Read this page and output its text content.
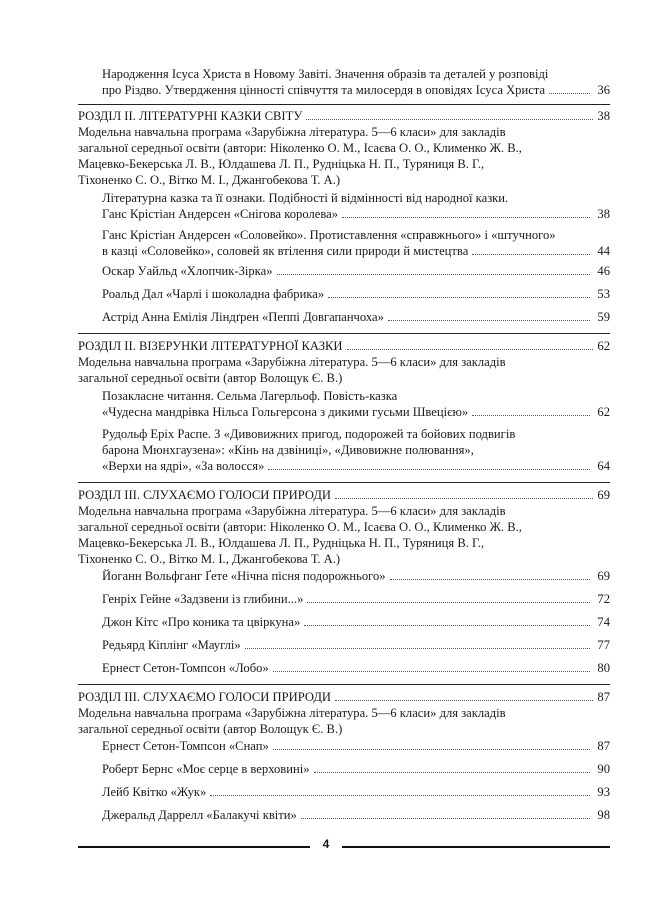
Народження Ісуса Христа в Новому Завіті. Значення образів та деталей у розповіді
про Різдво. Утвердження цінності співчуття та милосердя в оповідях Ісуса Христа	36
РОЗДІЛ ІІ. ЛІТЕРАТУРНІ КАЗКИ СВІТУ	38
Модельна навчальна програма «Зарубіжна література. 5—6 класи» для закладів
загальної середньої освіти (автори: Ніколенко О. М., Ісаєва О. О., Клименко Ж. В.,
Мацевко-Бекерська Л. В., Юлдашева Л. П., Рудніцька Н. П., Туряниця В. Г.,
Тіхоненко С. О., Вітко М. І., Джангобекова Т. А.)
Літературна казка та її ознаки. Подібності й відмінності від народної казки.
Ганс Крістіан Андерсен «Снігова королева»	38
Ганс Крістіан Андерсен «Соловейко». Протиставлення «справжнього» і «штучного»
в казці «Соловейко», соловей як втілення сили природи й мистецтва	44
Оскар Уайльд «Хлопчик-Зірка»	46
Роальд Дал «Чарлі і шоколадна фабрика»	53
Астрід Анна Емілія Ліндґрен «Пеппі Довгапанчоха»	59
РОЗДІЛ ІІ. ВІЗЕРУНКИ ЛІТЕРАТУРНОЇ КАЗКИ	62
Модельна навчальна програма «Зарубіжна література. 5—6 класи» для закладів
загальної середньої освіти (автор Волощук Є. В.)
Позакласне читання. Сельма Лагерльоф. Повість-казка
«Чудесна мандрівка Нільса Гольгерсона з дикими гусьми Швецією»	62
Рудольф Еріх Распе. З «Дивовижних пригод, подорожей та бойових подвигів
барона Мюнхгаузена»: «Кінь на дзвіниці», «Дивовижне полювання»,
«Верхи на ядрі», «За волосся»	64
РОЗДІЛ ІІІ. СЛУХАЄМО ГОЛОСИ ПРИРОДИ	69
Модельна навчальна програма «Зарубіжна література. 5—6 класи» для закладів
загальної середньої освіти (автори: Ніколенко О. М., Ісаєва О. О., Клименко Ж. В.,
Мацевко-Бекерська Л. В., Юлдашева Л. П., Рудніцька Н. П., Туряниця В. Г.,
Тіхоненко С. О., Вітко М. І., Джангобекова Т. А.)
Йоганн Вольфганг Ґете «Нічна пісня подорожнього»	69
Генріх Гейне «Задзвени із глибини...»	72
Джон Кітс «Про коника та цвіркуна»	74
Редьярд Кіплінг «Мауглі»	77
Ернест Сетон-Томпсон «Лобо»	80
РОЗДІЛ ІІІ. СЛУХАЄМО ГОЛОСИ ПРИРОДИ	87
Модельна навчальна програма «Зарубіжна література. 5—6 класи» для закладів
загальної середньої освіти (автор Волощук Є. В.)
Ернест Сетон-Томпсон «Снап»	87
Роберт Бернс «Моє серце в верховині»	90
Лейб Квітко «Жук»	93
Джеральд Даррелл «Балакучі квіти»	98
4
